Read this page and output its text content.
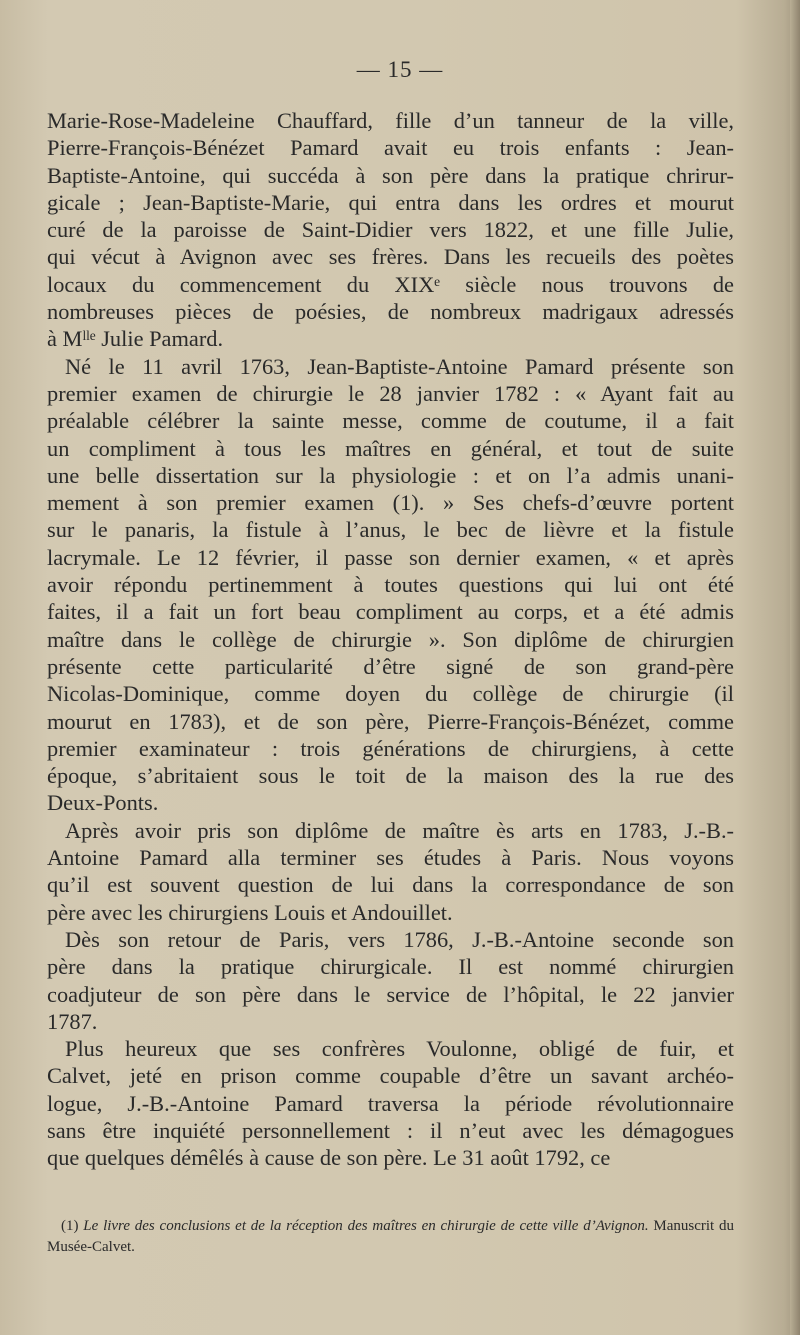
— 15 —

Marie-Rose-Madeleine Chauffard, fille d’un tanneur de la ville,

Pierre-François-Bénézet Pamard avait eu trois enfants : Jean-

Baptiste-Antoine, qui succéda à son père dans la pratique chrirur-

gicale ; Jean-Baptiste-Marie, qui entra dans les ordres et mourut

curé de la paroisse de Saint-Didier vers 1822, et une fille Julie,

qui vécut à Avignon avec ses frères. Dans les recueils des poètes

locaux du commencement du XIXᵉ siècle nous trouvons de

nombreuses pièces de poésies, de nombreux madrigaux adressés

à Mˡˡᵉ Julie Pamard.

Né le 11 avril 1763, Jean-Baptiste-Antoine Pamard présente son

premier examen de chirurgie le 28 janvier 1782 : « Ayant fait au

préalable célébrer la sainte messe, comme de coutume, il a fait

un compliment à tous les maîtres en général, et tout de suite

une belle dissertation sur la physiologie : et on l’a admis unani-

mement à son premier examen (1). » Ses chefs-d’œuvre portent

sur le panaris, la fistule à l’anus, le bec de lièvre et la fistule

lacrymale. Le 12 février, il passe son dernier examen, « et après

avoir répondu pertinemment à toutes questions qui lui ont été

faites, il a fait un fort beau compliment au corps, et a été admis

maître dans le collège de chirurgie ». Son diplôme de chirurgien

présente cette particularité d’être signé de son grand-père

Nicolas-Dominique, comme doyen du collège de chirurgie (il

mourut en 1783), et de son père, Pierre-François-Bénézet, comme

premier examinateur : trois générations de chirurgiens, à cette

époque, s’abritaient sous le toit de la maison des la rue des

Deux-Ponts.

Après avoir pris son diplôme de maître ès arts en 1783, J.-B.-

Antoine Pamard alla terminer ses études à Paris. Nous voyons

qu’il est souvent question de lui dans la correspondance de son

père avec les chirurgiens Louis et Andouillet.

Dès son retour de Paris, vers 1786, J.-B.-Antoine seconde son

père dans la pratique chirurgicale. Il est nommé chirurgien

coadjuteur de son père dans le service de l’hôpital, le 22 janvier

1787.

Plus heureux que ses confrères Voulonne, obligé de fuir, et

Calvet, jeté en prison comme coupable d’être un savant archéo-

logue, J.-B.-Antoine Pamard traversa la période révolutionnaire

sans être inquiété personnellement : il n’eut avec les démagogues

que quelques démêlés à cause de son père. Le 31 août 1792, ce

(1) Le livre des conclusions et de la réception des maîtres en chirurgie de cette ville d’Avignon. Manuscrit du Musée-Calvet.
